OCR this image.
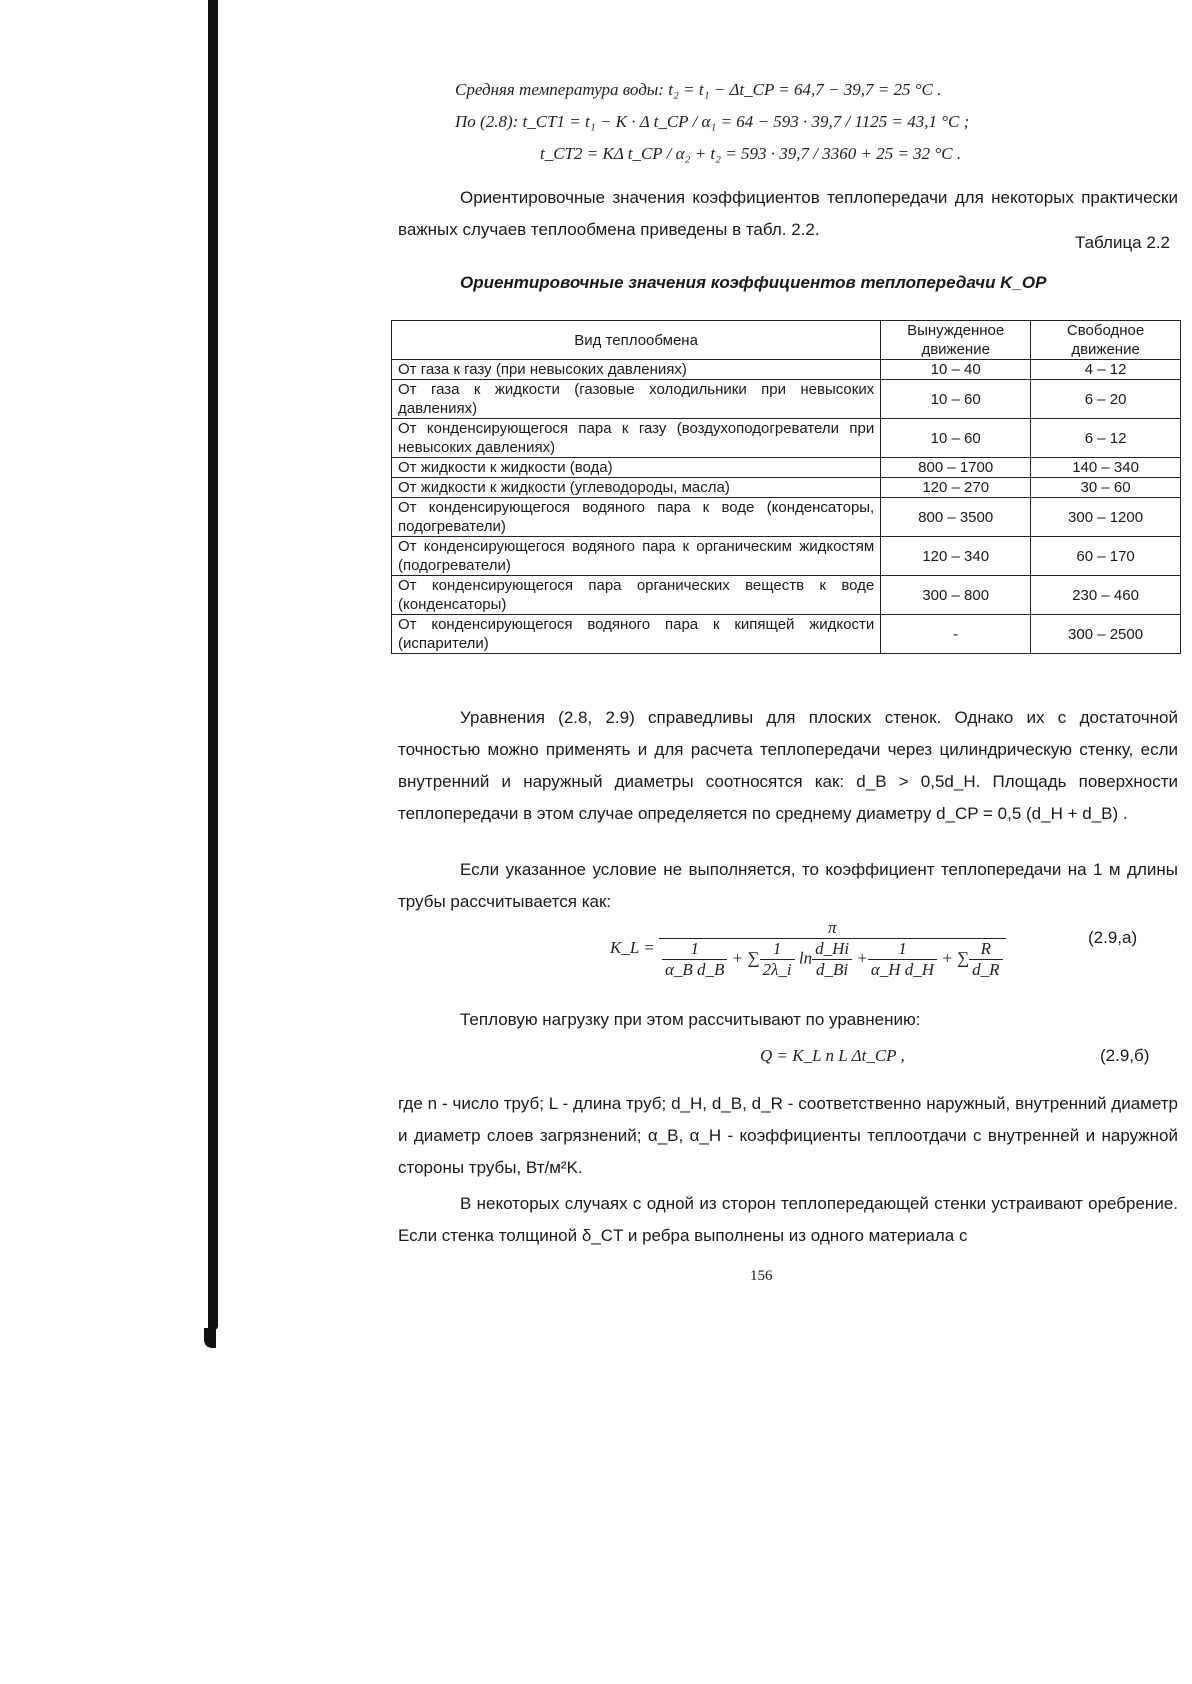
Средняя температура воды: t₂ = t₁ − Δt_CP = 64,7 − 39,7 = 25 °C .
По (2.8): t_CT1 = t₁ − K · Δ t_CP / α₁ = 64 − 593 · 39,7 / 1125 = 43,1 °C ;
t_CT2 = KΔ t_CP / α₂ + t₂ = 593 · 39,7 / 3360 + 25 = 32 °C .
Ориентировочные значения коэффициентов теплопередачи для некоторых практически важных случаев теплообмена приведены в табл. 2.2.
Таблица 2.2
Ориентировочные значения коэффициентов теплопередачи K_OP
Вид теплообмена	Вынужденное движение	Свободное движение
От газа к газу (при невысоких давлениях)	10 – 40	4 – 12
От газа к жидкости (газовые холодильники при невысоких давлениях)	10 – 60	6 – 20
От конденсирующегося пара к газу (воздухоподогреватели при невысоких давлениях)	10 – 60	6 – 12
От жидкости к жидкости (вода)	800 – 1700	140 – 340
От жидкости к жидкости (углеводороды, масла)	120 – 270	30 – 60
От конденсирующегося водяного пара к воде (конденсаторы, подогреватели)	800 – 3500	300 – 1200
От конденсирующегося водяного пара к органическим жидкостям (подогреватели)	120 – 340	60 – 170
От конденсирующегося пара органических веществ к воде (конденсаторы)	300 – 800	230 – 460
От конденсирующегося водяного пара к кипящей жидкости (испарители)	-	300 – 2500
Уравнения (2.8, 2.9) справедливы для плоских стенок. Однако их с достаточной точностью можно применять и для расчета теплопередачи через цилиндрическую стенку, если внутренний и наружный диаметры соотносятся как: d_B > 0,5d_H. Площадь поверхности теплопередачи в этом случае определяется по среднему диаметру d_CP = 0,5 (d_H + d_B) .
Если указанное условие не выполняется, то коэффициент теплопередачи на 1 м длины трубы рассчитывается как:
K_L =
π
$\frac{1}{\text{α\_B d\_B}}$ + ∑ $\frac{1}{2\lambda\_i}$ $\ln \frac{d\_Hi}{d\_Bi} + \frac{1}{\text{α\_H d\_H}}$ + ∑ $\frac{R}{d\_R}$
(2.9,а)
Тепловую нагрузку при этом рассчитывают по уравнению:
Q = K_L n L Δt_CP ,	(2.9,б)
где n - число труб; L - длина труб; d_H, d_B, d_R - соответственно наружный, внутренний диаметр и диаметр слоев загрязнений; α_B, α_H - коэффициенты теплоотдачи с внутренней и наружной стороны трубы, Вт/м²K.
В некоторых случаях с одной из сторон теплопередающей стенки устраивают оребрение. Если стенка толщиной δ_CT и ребра выполнены из одного материала с
156
